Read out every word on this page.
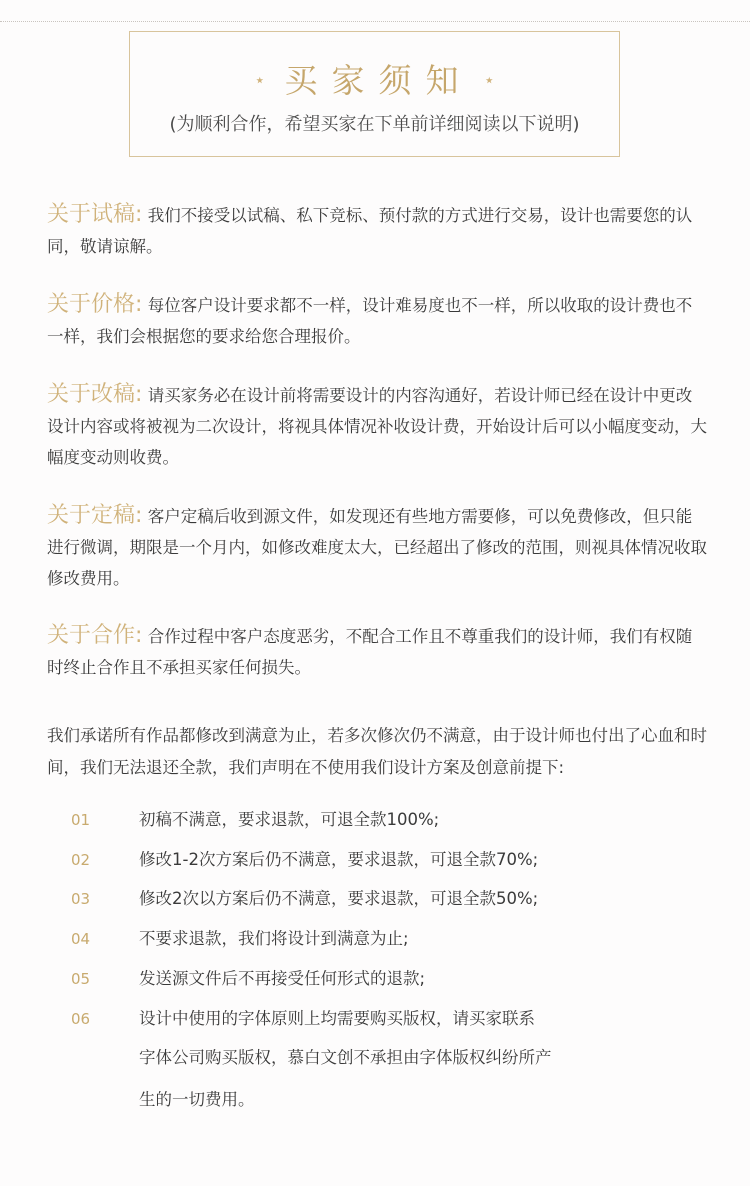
⋆ 买家须知 ⋆
(为顺利合作，希望买家在下单前详细阅读以下说明)
关于试稿: 我们不接受以试稿、私下竞标、预付款的方式进行交易，设计也需要您的认同，敬请谅解。
关于价格: 每位客户设计要求都不一样，设计难易度也不一样，所以收取的设计费也不一样，我们会根据您的要求给您合理报价。
关于改稿: 请买家务必在设计前将需要设计的内容沟通好，若设计师已经在设计中更改设计内容或将被视为二次设计，将视具体情况补收设计费，开始设计后可以小幅度变动，大幅度变动则收费。
关于定稿: 客户定稿后收到源文件，如发现还有些地方需要修，可以免费修改，但只能进行微调，期限是一个月内，如修改难度太大，已经超出了修改的范围，则视具体情况收取修改费用。
关于合作: 合作过程中客户态度恶劣，不配合工作且不尊重我们的设计师，我们有权随时终止合作且不承担买家任何损失。
我们承诺所有作品都修改到满意为止，若多次修次仍不满意，由于设计师也付出了心血和时间，我们无法退还全款，我们声明在不使用我们设计方案及创意前提下:
01	初稿不满意，要求退款，可退全款100%;
02	修改1-2次方案后仍不满意，要求退款，可退全款70%;
03	修改2次以方案后仍不满意，要求退款，可退全款50%;
04	不要求退款，我们将设计到满意为止;
05	发送源文件后不再接受任何形式的退款;
06	设计中使用的字体原则上均需要购买版权，请买家联系
字体公司购买版权，慕白文创不承担由字体版权纠纷所产
生的一切费用。
